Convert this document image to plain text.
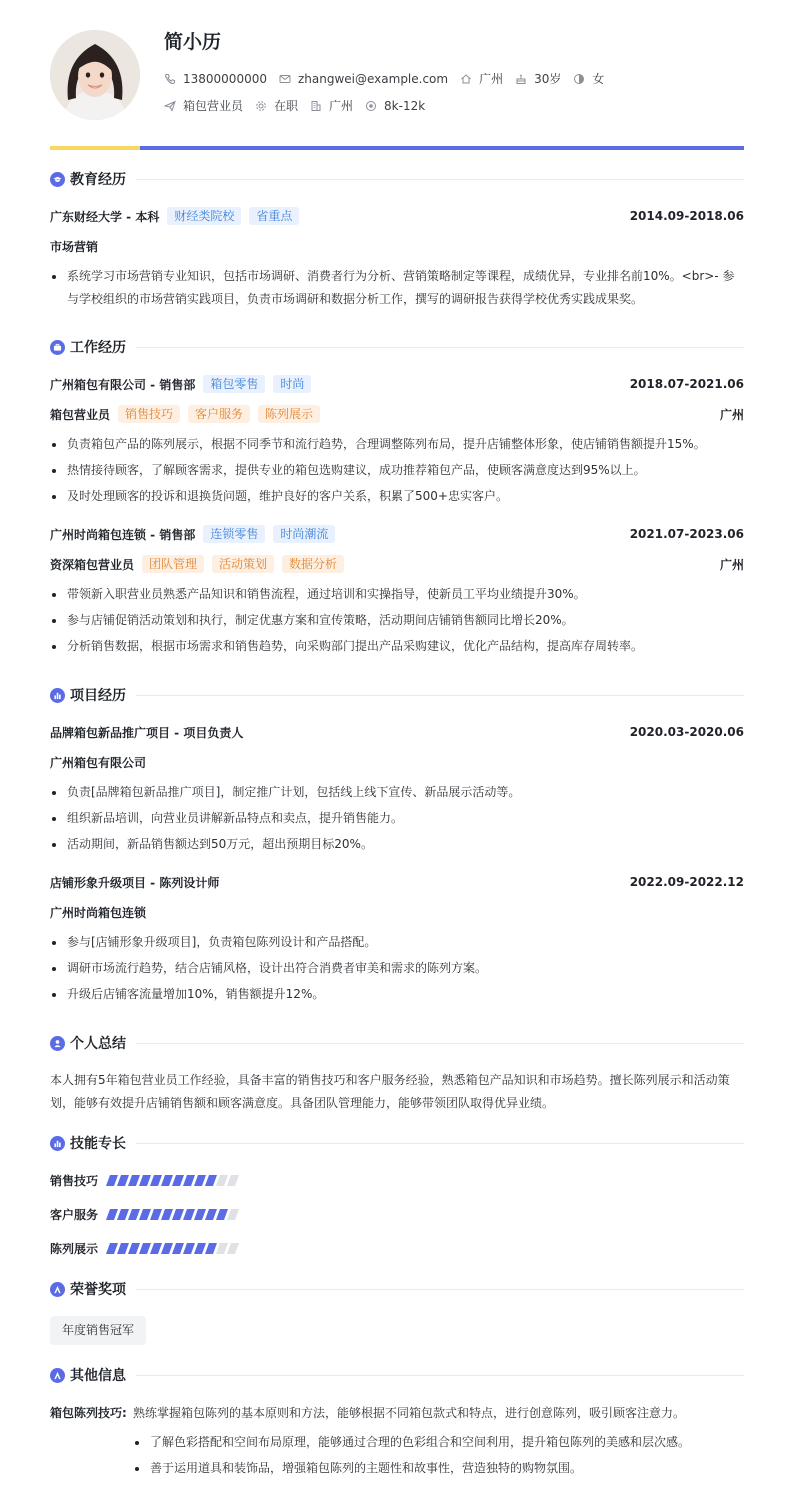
简小历
13800000000	zhangwei@example.com	广州	30岁	女
箱包营业员	在职	广州	8k-12k
教育经历
广东财经大学 - 本科	财经类院校	省重点	2014.09-2018.06
市场营销
系统学习市场营销专业知识，包括市场调研、消费者行为分析、营销策略制定等课程，成绩优异，专业排名前10%。<br>- 参与学校组织的市场营销实践项目，负责市场调研和数据分析工作，撰写的调研报告获得学校优秀实践成果奖。
工作经历
广州箱包有限公司 - 销售部	箱包零售	时尚	2018.07-2021.06
箱包营业员	销售技巧	客户服务	陈列展示	广州
负责箱包产品的陈列展示，根据不同季节和流行趋势，合理调整陈列布局，提升店铺整体形象，使店铺销售额提升15%。
热情接待顾客，了解顾客需求，提供专业的箱包选购建议，成功推荐箱包产品，使顾客满意度达到95%以上。
及时处理顾客的投诉和退换货问题，维护良好的客户关系，积累了500+忠实客户。
广州时尚箱包连锁 - 销售部	连锁零售	时尚潮流	2021.07-2023.06
资深箱包营业员	团队管理	活动策划	数据分析	广州
带领新入职营业员熟悉产品知识和销售流程，通过培训和实操指导，使新员工平均业绩提升30%。
参与店铺促销活动策划和执行，制定优惠方案和宣传策略，活动期间店铺销售额同比增长20%。
分析销售数据，根据市场需求和销售趋势，向采购部门提出产品采购建议，优化产品结构，提高库存周转率。
项目经历
品牌箱包新品推广项目 - 项目负责人	2020.03-2020.06
广州箱包有限公司
负责[品牌箱包新品推广项目]，制定推广计划，包括线上线下宣传、新品展示活动等。
组织新品培训，向营业员讲解新品特点和卖点，提升销售能力。
活动期间，新品销售额达到50万元，超出预期目标20%。
店铺形象升级项目 - 陈列设计师	2022.09-2022.12
广州时尚箱包连锁
参与[店铺形象升级项目]，负责箱包陈列设计和产品搭配。
调研市场流行趋势，结合店铺风格，设计出符合消费者审美和需求的陈列方案。
升级后店铺客流量增加10%，销售额提升12%。
个人总结
本人拥有5年箱包营业员工作经验，具备丰富的销售技巧和客户服务经验，熟悉箱包产品知识和市场趋势。擅长陈列展示和活动策
划，能够有效提升店铺销售额和顾客满意度。具备团队管理能力，能够带领团队取得优异业绩。
技能专长
销售技巧
客户服务
陈列展示
荣誉奖项
年度销售冠军
其他信息
箱包陈列技巧: 熟练掌握箱包陈列的基本原则和方法，能够根据不同箱包款式和特点，进行创意陈列，吸引顾客注意力。
了解色彩搭配和空间布局原理，能够通过合理的色彩组合和空间利用，提升箱包陈列的美感和层次感。
善于运用道具和装饰品，增强箱包陈列的主题性和故事性，营造独特的购物氛围。
